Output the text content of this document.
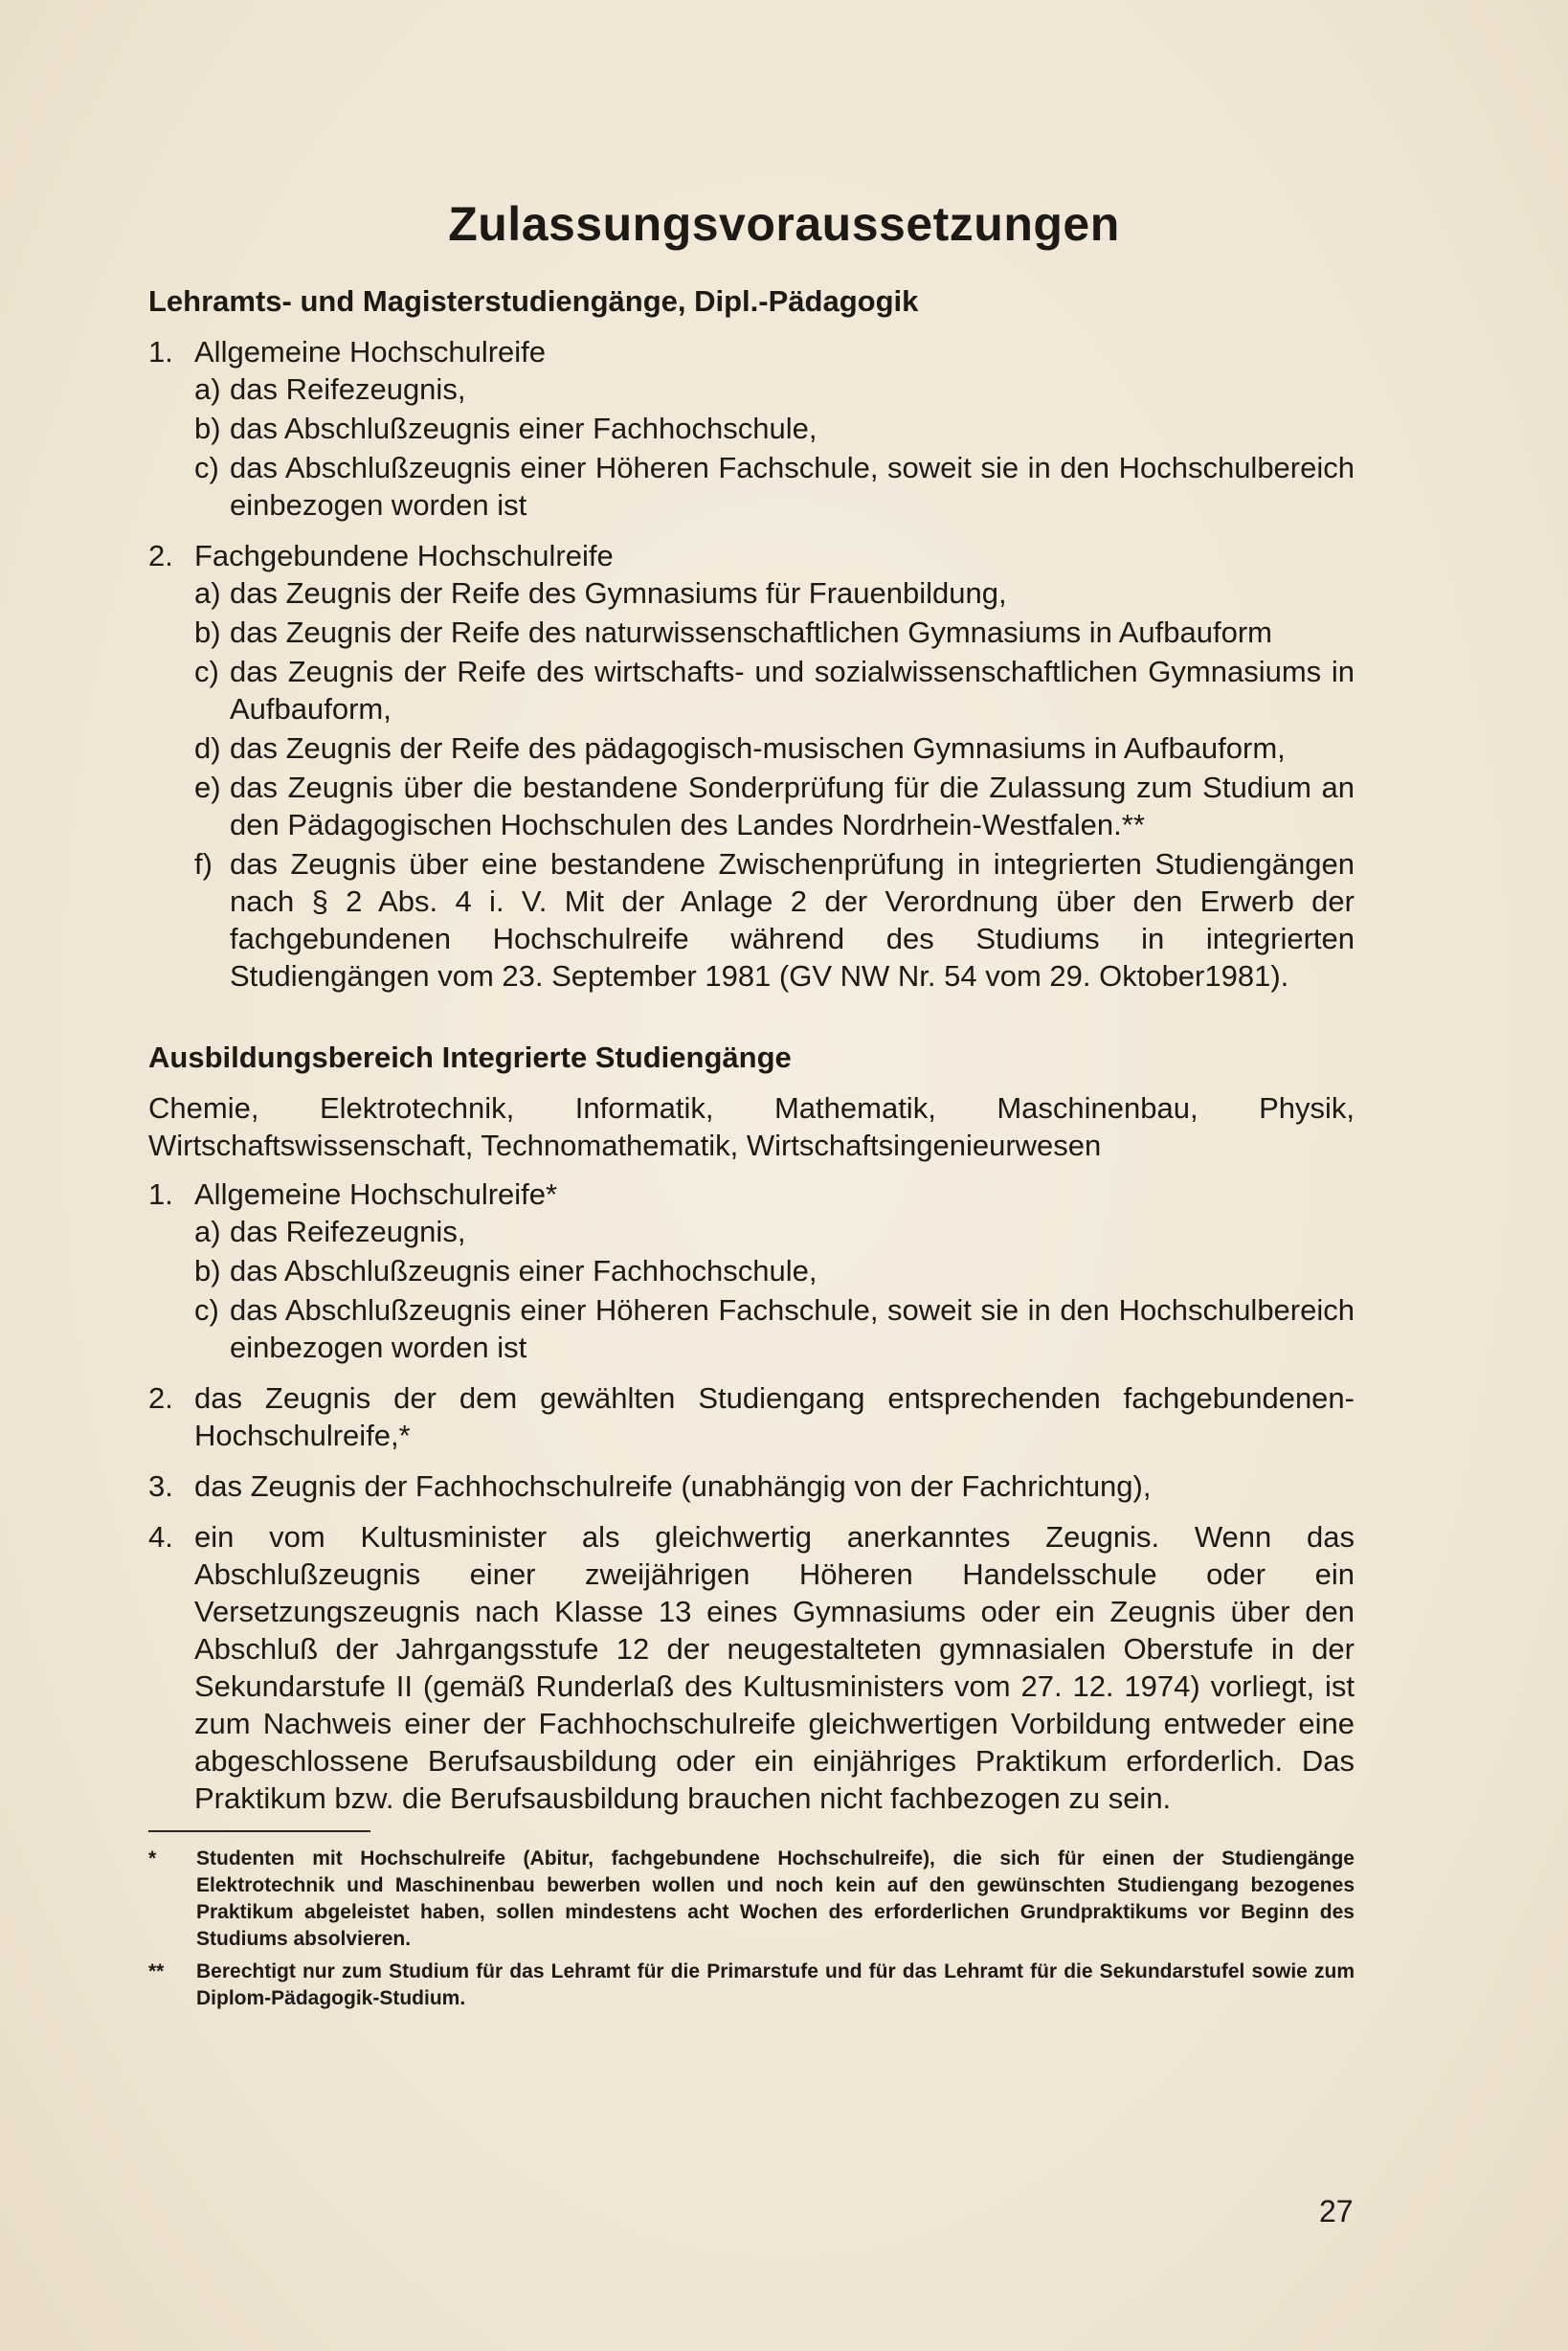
Zulassungsvoraussetzungen
Lehramts- und Magisterstudiengänge, Dipl.-Pädagogik
1. Allgemeine Hochschulreife
a) das Reifezeugnis,
b) das Abschlußzeugnis einer Fachhochschule,
c) das Abschlußzeugnis einer Höheren Fachschule, soweit sie in den Hochschulbereich einbezogen worden ist
2. Fachgebundene Hochschulreife
a) das Zeugnis der Reife des Gymnasiums für Frauenbildung,
b) das Zeugnis der Reife des naturwissenschaftlichen Gymnasiums in Aufbauform
c) das Zeugnis der Reife des wirtschafts- und sozialwissenschaftlichen Gymnasiums in Aufbauform,
d) das Zeugnis der Reife des pädagogisch-musischen Gymnasiums in Aufbauform,
e) das Zeugnis über die bestandene Sonderprüfung für die Zulassung zum Studium an den Pädagogischen Hochschulen des Landes Nordrhein-Westfalen.**
f) das Zeugnis über eine bestandene Zwischenprüfung in integrierten Studiengängen nach § 2 Abs. 4 i. V. Mit der Anlage 2 der Verordnung über den Erwerb der fachgebundenen Hochschulreife während des Studiums in integrierten Studiengängen vom 23. September 1981 (GV NW Nr. 54 vom 29. Oktober1981).
Ausbildungsbereich Integrierte Studiengänge

Chemie, Elektrotechnik, Informatik, Mathematik, Maschinenbau, Physik, Wirtschaftswissenschaft, Technomathematik, Wirtschaftsingenieurwesen

1. Allgemeine Hochschulreife*
a) das Reifezeugnis,
b) das Abschlußzeugnis einer Fachhochschule,
c) das Abschlußzeugnis einer Höheren Fachschule, soweit sie in den Hochschulbereich einbezogen worden ist
2. das Zeugnis der dem gewählten Studiengang entsprechenden fachgebundenen-Hochschulreife,*
3. das Zeugnis der Fachhochschulreife (unabhängig von der Fachrichtung),
4. ein vom Kultusminister als gleichwertig anerkanntes Zeugnis. Wenn das Abschlußzeugnis einer zweijährigen Höheren Handelsschule oder ein Versetzungszeugnis nach Klasse 13 eines Gymnasiums oder ein Zeugnis über den Abschluß der Jahrgangsstufe 12 der neugestalteten gymnasialen Oberstufe in der Sekundarstufe II (gemäß Runderlaß des Kultusministers vom 27. 12. 1974) vorliegt, ist zum Nachweis einer der Fachhochschulreife gleichwertigen Vorbildung entweder eine abgeschlossene Berufsausbildung oder ein einjähriges Praktikum erforderlich. Das Praktikum bzw. die Berufsausbildung brauchen nicht fachbezogen zu sein.
* Studenten mit Hochschulreife (Abitur, fachgebundene Hochschulreife), die sich für einen der Studiengänge Elektrotechnik und Maschinenbau bewerben wollen und noch kein auf den gewünschten Studiengang bezogenes Praktikum abgeleistet haben, sollen mindestens acht Wochen des erforderlichen Grundpraktikums vor Beginn des Studiums absolvieren.
** Berechtigt nur zum Studium für das Lehramt für die Primarstufe und für das Lehramt für die Sekundarstufel sowie zum Diplom-Pädagogik-Studium.
27
